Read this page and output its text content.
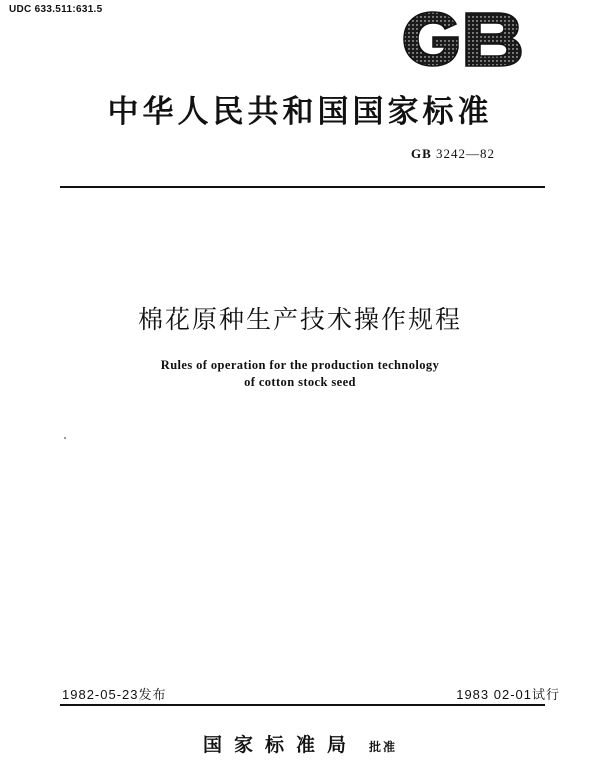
UDC 633.511:631.5
中华人民共和国国家标准
GB 3242—82
棉花原种生产技术操作规程
Rules of operation for the production technology
of cotton stock seed
1982-05-23发布	1983 02-01试行
国家标准局 批准
